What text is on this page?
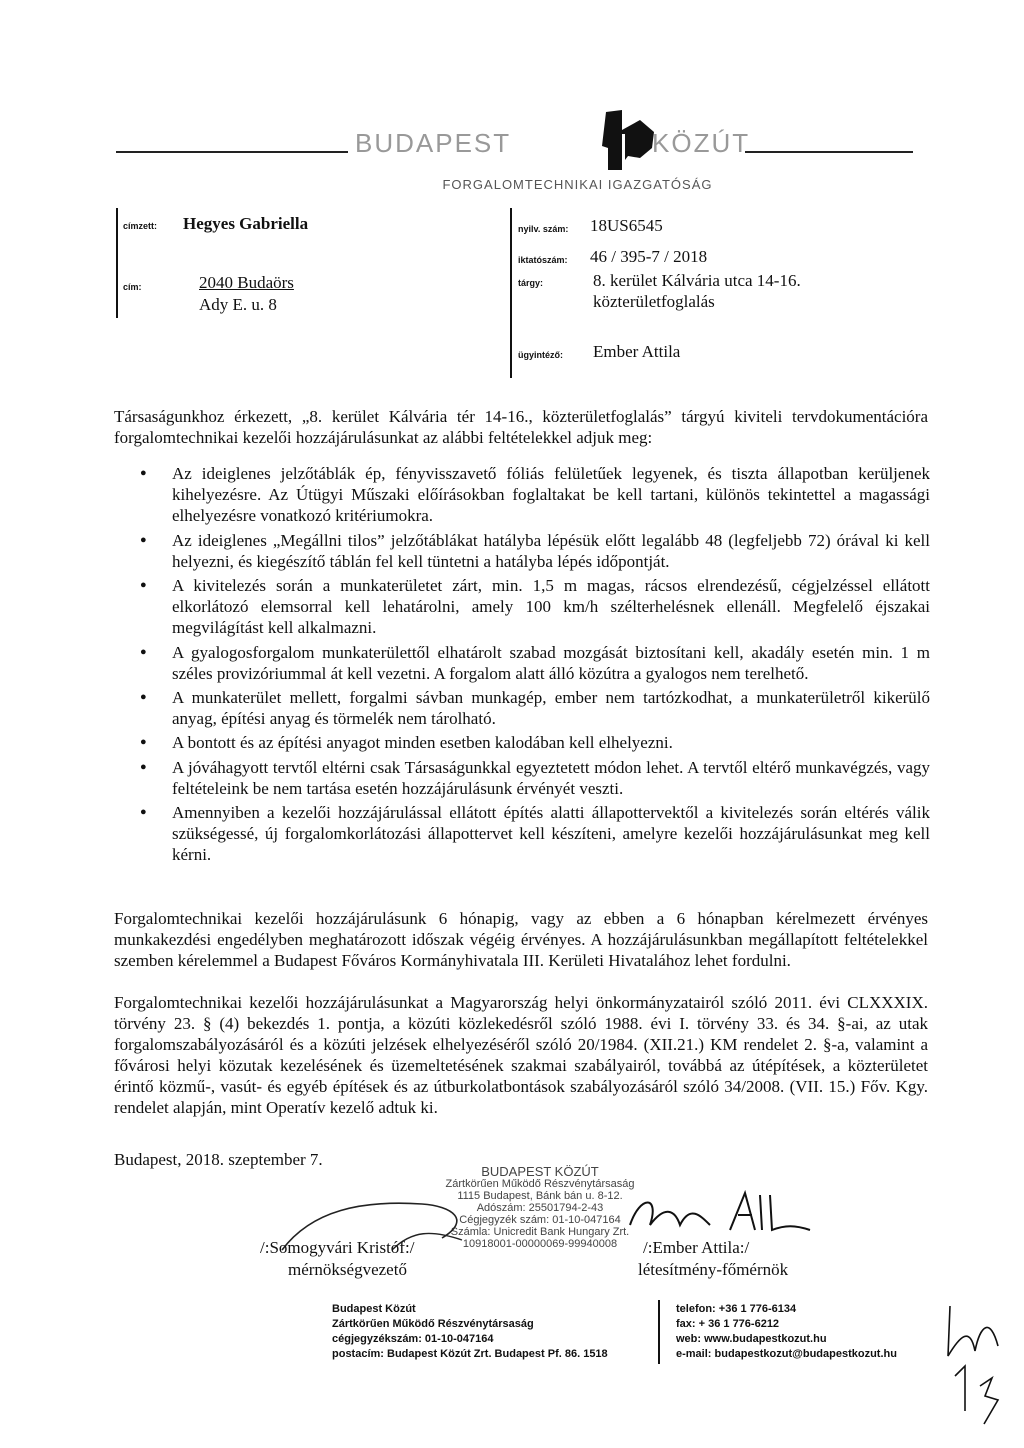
BUDAPEST	KÖZÚT
FORGALOMTECHNIKAI IGAZGATÓSÁG
címzett: Hegyes Gabriella
cím:	2040 Budaörs
Ady E. u. 8
nyilv. szám: 18US6545
iktatószám: 46 / 395-7 / 2018
tárgy:	8. kerület Kálvária utca 14-16.
közterületfoglalás
ügyintéző: Ember Attila
Társaságunkhoz érkezett, „8. kerület Kálvária tér 14-16., közterületfoglalás” tárgyú kiviteli tervdokumentációra forgalomtechnikai kezelői hozzájárulásunkat az alábbi feltételekkel adjuk meg:
● Az ideiglenes jelzőtáblák ép, fényvisszavető fóliás felületűek legyenek, és tiszta állapotban kerüljenek kihelyezésre. Az Útügyi Műszaki előírásokban foglaltakat be kell tartani, különös tekintettel a magassági elhelyezésre vonatkozó kritériumokra.
● Az ideiglenes „Megállni tilos” jelzőtáblákat hatályba lépésük előtt legalább 48 (legfeljebb 72) órával ki kell helyezni, és kiegészítő táblán fel kell tüntetni a hatályba lépés időpontját.
● A kivitelezés során a munkaterületet zárt, min. 1,5 m magas, rácsos elrendezésű, cégjelzéssel ellátott elkorlátozó elemsorral kell lehatárolni, amely 100 km/h szélterhelésnek ellenáll. Megfelelő éjszakai megvilágítást kell alkalmazni.
● A gyalogosforgalom munkaterülettől elhatárolt szabad mozgását biztosítani kell, akadály esetén min. 1 m széles provizóriummal át kell vezetni. A forgalom alatt álló közútra a gyalogos nem terelhető.
● A munkaterület mellett, forgalmi sávban munkagép, ember nem tartózkodhat, a munkaterületről kikerülő anyag, építési anyag és törmelék nem tárolható.
● A bontott és az építési anyagot minden esetben kalodában kell elhelyezni.
● A jóváhagyott tervtől eltérni csak Társaságunkkal egyeztetett módon lehet. A tervtől eltérő munkavégzés, vagy feltételeink be nem tartása esetén hozzájárulásunk érvényét veszti.
● Amennyiben a kezelői hozzájárulással ellátott építés alatti állapottervektől a kivitelezés során eltérés válik szükségessé, új forgalomkorlátozási állapottervet kell készíteni, amelyre kezelői hozzájárulásunkat meg kell kérni.
Forgalomtechnikai kezelői hozzájárulásunk 6 hónapig, vagy az ebben a 6 hónapban kérelmezett érvényes munkakezdési engedélyben meghatározott időszak végéig érvényes. A hozzájárulásunkban megállapított feltételekkel szemben kérelemmel a Budapest Főváros Kormányhivatala III. Kerületi Hivatalához lehet fordulni.
Forgalomtechnikai kezelői hozzájárulásunkat a Magyarország helyi önkormányzatairól szóló 2011. évi CLXXXIX. törvény 23. § (4) bekezdés 1. pontja, a közúti közlekedésről szóló 1988. évi I. törvény 33. és 34. §-ai, az utak forgalomszabályozásáról és a közúti jelzések elhelyezéséről szóló 20/1984. (XII.21.) KM rendelet 2. §-a, valamint a fővárosi helyi közutak kezelésének és üzemeltetésének szakmai szabályairól, továbbá az útépítések, a közterületet érintő közmű-, vasút- és egyéb építések és az útburkolatbontások szabályozásáról szóló 34/2008. (VII. 15.) Főv. Kgy. rendelet alapján, mint Operatív kezelő adtuk ki.
Budapest, 2018. szeptember 7.
BUDAPEST KÖZÚT
Zártkörűen Működő Részvénytársaság
1115 Budapest, Bánk bán u. 8-12.
Adószám: 25501794-2-43
Cégjegyzék szám: 01-10-047164
Számla: Unicredit Bank Hungary Zrt.
10918001-00000069-99940008
/:Somogyvári Kristóf:/
mérnökségvezető
/:Ember Attila:/
létesítmény-főmérnök
Budapest Közút
Zártkörűen Működő Részvénytársaság
cégjegyzékszám: 01-10-047164
postacím: Budapest Közút Zrt. Budapest Pf. 86. 1518
telefon: +36 1 776-6134
fax: + 36 1 776-6212
web: www.budapestkozut.hu
e-mail: budapestkozut@budapestkozut.hu
